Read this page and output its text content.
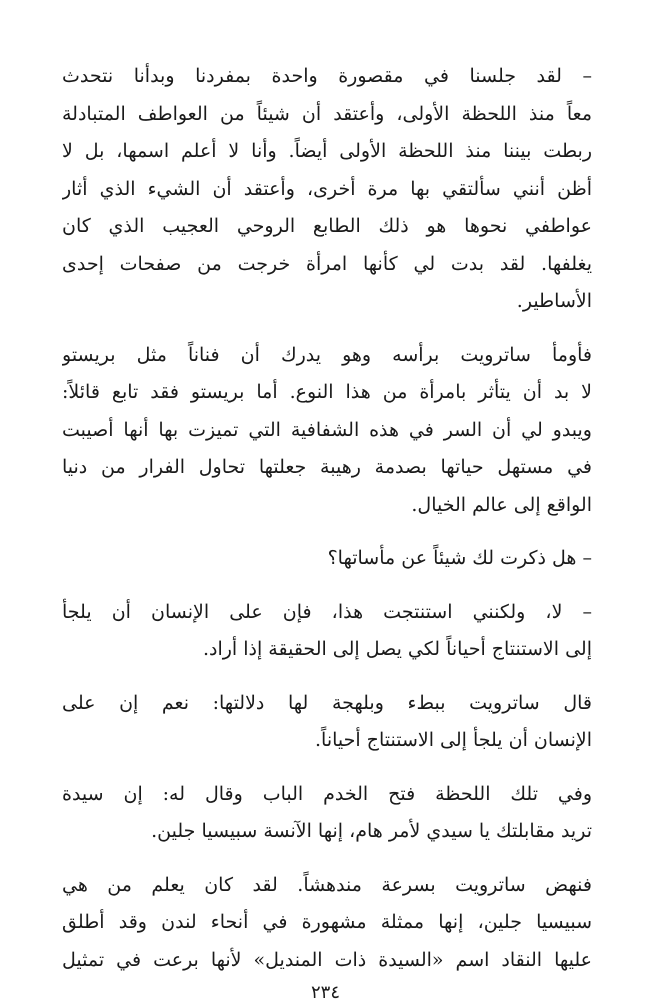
– لقد جلسنا في مقصورة واحدة بمفردنا وبدأنا نتحدث
معاً منذ اللحظة الأولى، وأعتقد أن شيئاً من العواطف المتبادلة
ربطت بيننا منذ اللحظة الأولى أيضاً. وأنا لا أعلم اسمها، بل لا
أظن أنني سألتقي بها مرة أخرى، وأعتقد أن الشيء الذي أثار
عواطفي نحوها هو ذلك الطابع الروحي العجيب الذي كان
يغلفها. لقد بدت لي كأنها امرأة خرجت من صفحات إحدى
الأساطير.

فأومأ ساترويت برأسه وهو يدرك أن فناناً مثل بريستو
لا بد أن يتأثر بامرأة من هذا النوع. أما بريستو فقد تابع قائلاً:
ويبدو لي أن السر في هذه الشفافية التي تميزت بها أنها أصيبت
في مستهل حياتها بصدمة رهيبة جعلتها تحاول الفرار من دنيا
الواقع إلى عالم الخيال.

– هل ذكرت لك شيئاً عن مأساتها؟

– لا، ولكنني استنتجت هذا، فإن على الإنسان أن يلجأ
إلى الاستنتاج أحياناً لكي يصل إلى الحقيقة إذا أراد.

قال ساترويت ببطء وبلهجة لها دلالتها: نعم إن على
الإنسان أن يلجأ إلى الاستنتاج أحياناً.

وفي تلك اللحظة فتح الخدم الباب وقال له: إن سيدة
تريد مقابلتك يا سيدي لأمر هام، إنها الآنسة سبيسيا جلين.

فنهض ساترويت بسرعة مندهشاً. لقد كان يعلم من هي
سبيسيا جلين، إنها ممثلة مشهورة في أنحاء لندن وقد أطلق
عليها النقاد اسم «السيدة ذات المنديل» لأنها برعت في تمثيل

٢٣٤
